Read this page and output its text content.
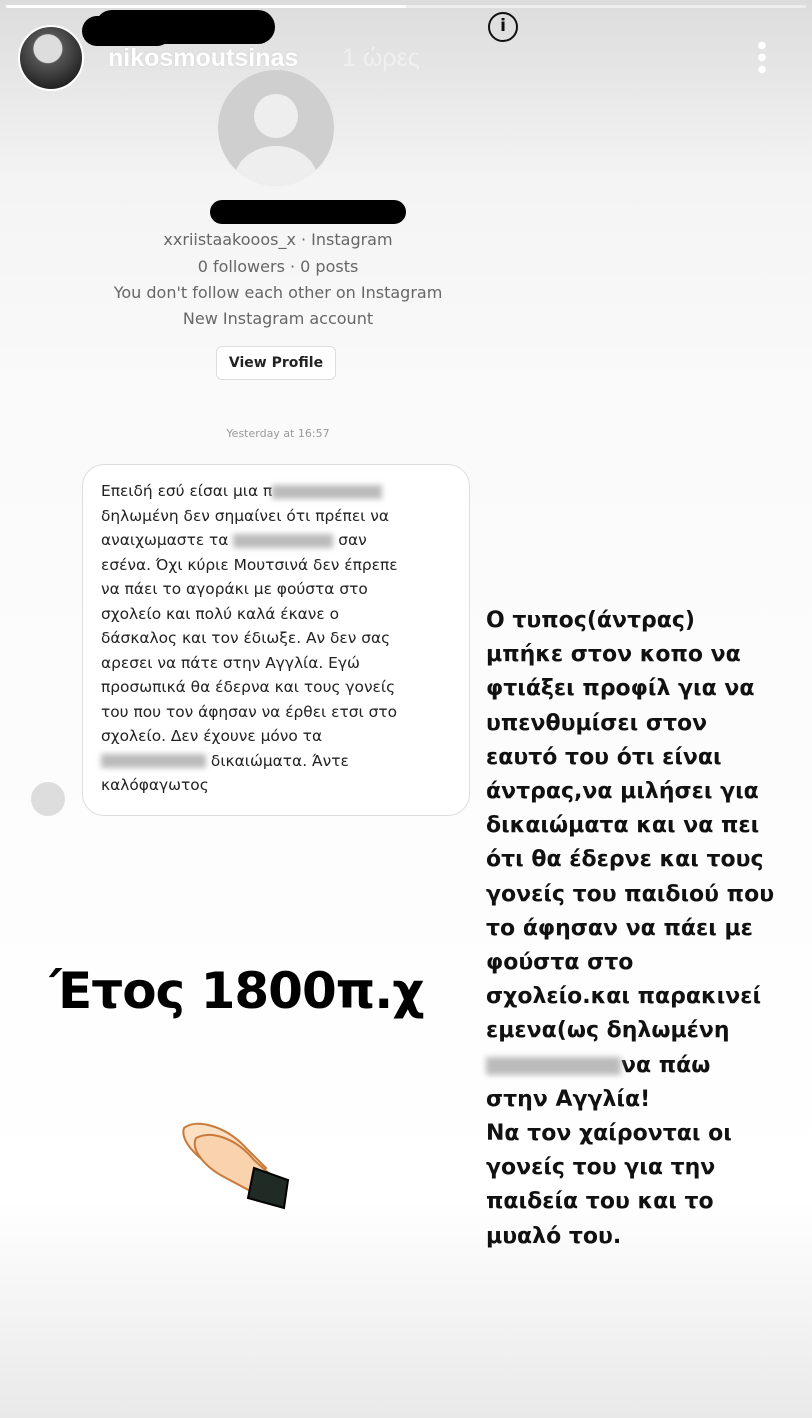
nikosmoutsinas 1 ώρες
i
●
●
●
xxriistaakooos_x · Instagram
0 followers · 0 posts
You don't follow each other on Instagram
New Instagram account
View Profile
Yesterday at 16:57
Επειδή εσύ είσαι μια π
δηλωμένη δεν σημαίνει ότι πρέπει να
αναιχωμαστε τα	σαν
εσένα. Όχι κύριε Μουτσινά δεν έπρεπε
να πάει το αγοράκι με φούστα στο
σχολείο και πολύ καλά έκανε ο
δάσκαλος και τον έδιωξε. Αν δεν σας
αρεσει να πάτε στην Αγγλία. Εγώ
προσωπικά θα έδερνα και τους γονείς
του που τον άφησαν να έρθει ετσι στο
σχολείο. Δεν έχουνε μόνο τα
δικαιώματα. Άντε
καλόφαγωτος
Έτος 1800π.χ
Ο τυπος(άντρας)
μπήκε στον κοπο να
φτιάξει προφίλ για να
υπενθυμίσει στον
εαυτό του ότι είναι
άντρας,να μιλήσει για
δικαιώματα και να πει
ότι θα έδερνε και τους
γονείς του παιδιού που
το άφησαν να πάει με
φούστα στο
σχολείο.και παρακινεί
εμενα(ως δηλωμένη
να πάω
στην Αγγλία!
Να τον χαίρονται οι
γονείς του για την
παιδεία του και το
μυαλό του.
